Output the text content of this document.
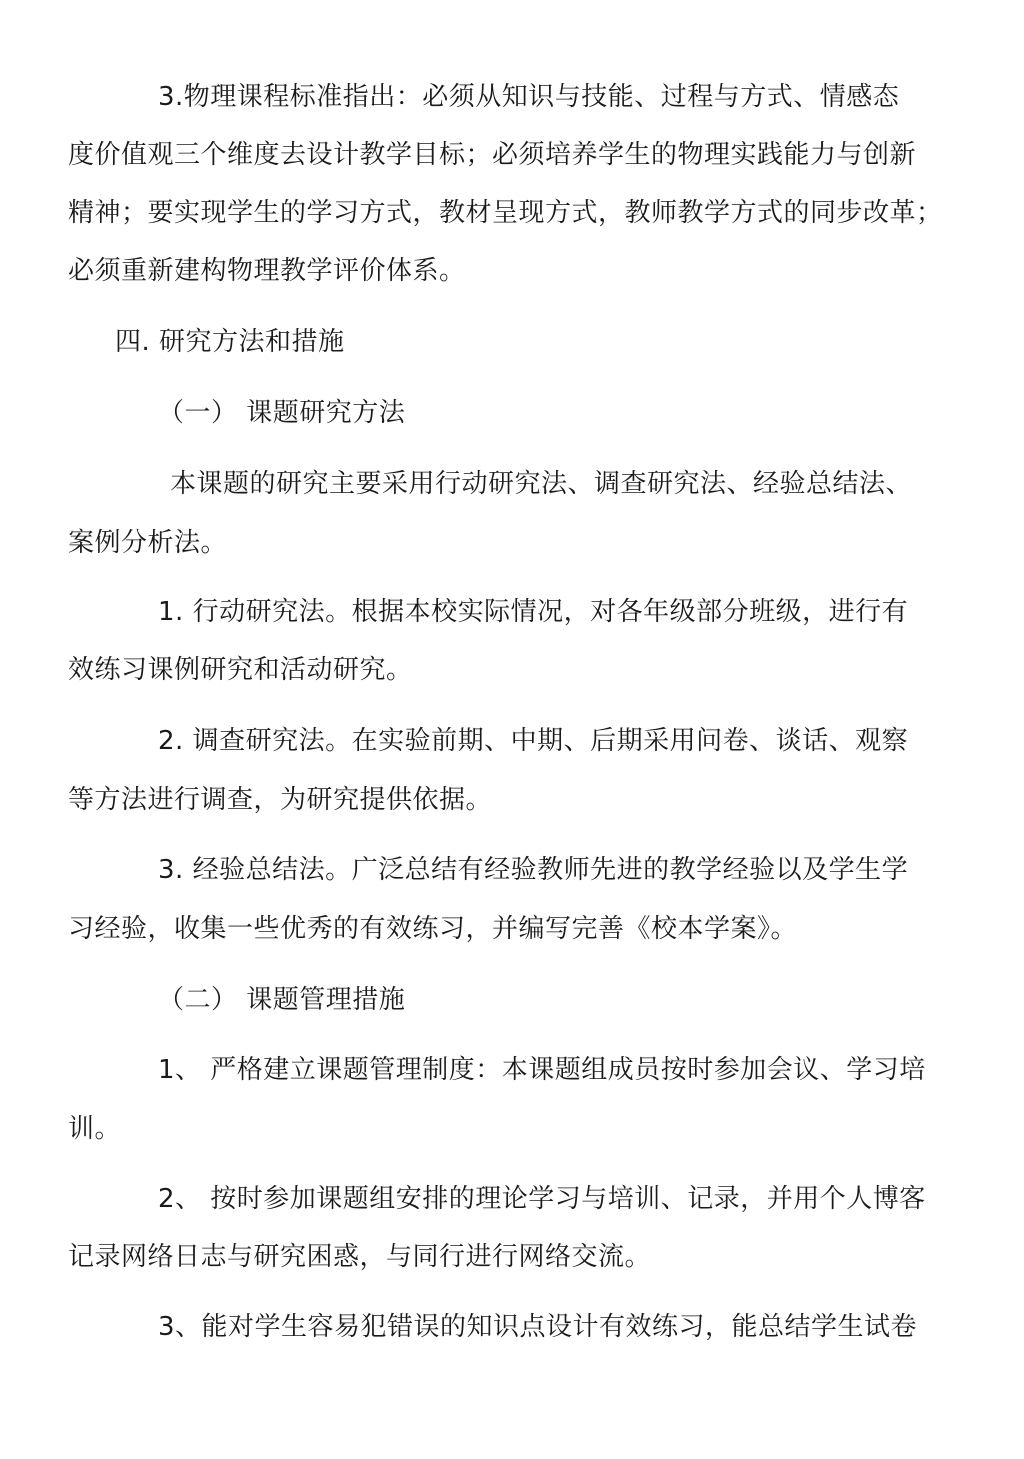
3.物理课程标准指出：必须从知识与技能、过程与方式、情感态
度价值观三个维度去设计教学目标；必须培养学生的物理实践能力与创新
精神；要实现学生的学习方式，教材呈现方式，教师教学方式的同步改革；
必须重新建构物理教学评价体系。
四. 研究方法和措施
（一） 课题研究方法
本课题的研究主要采用行动研究法、调查研究法、经验总结法、
案例分析法。
1. 行动研究法。根据本校实际情况，对各年级部分班级，进行有
效练习课例研究和活动研究。
2. 调查研究法。在实验前期、中期、后期采用问卷、谈话、观察
等方法进行调查，为研究提供依据。
3. 经验总结法。广泛总结有经验教师先进的教学经验以及学生学
习经验，收集一些优秀的有效练习，并编写完善《校本学案》。
（二） 课题管理措施
1、 严格建立课题管理制度：本课题组成员按时参加会议、学习培
训。
2、 按时参加课题组安排的理论学习与培训、记录，并用个人博客
记录网络日志与研究困惑，与同行进行网络交流。
3、能对学生容易犯错误的知识点设计有效练习，能总结学生试卷
